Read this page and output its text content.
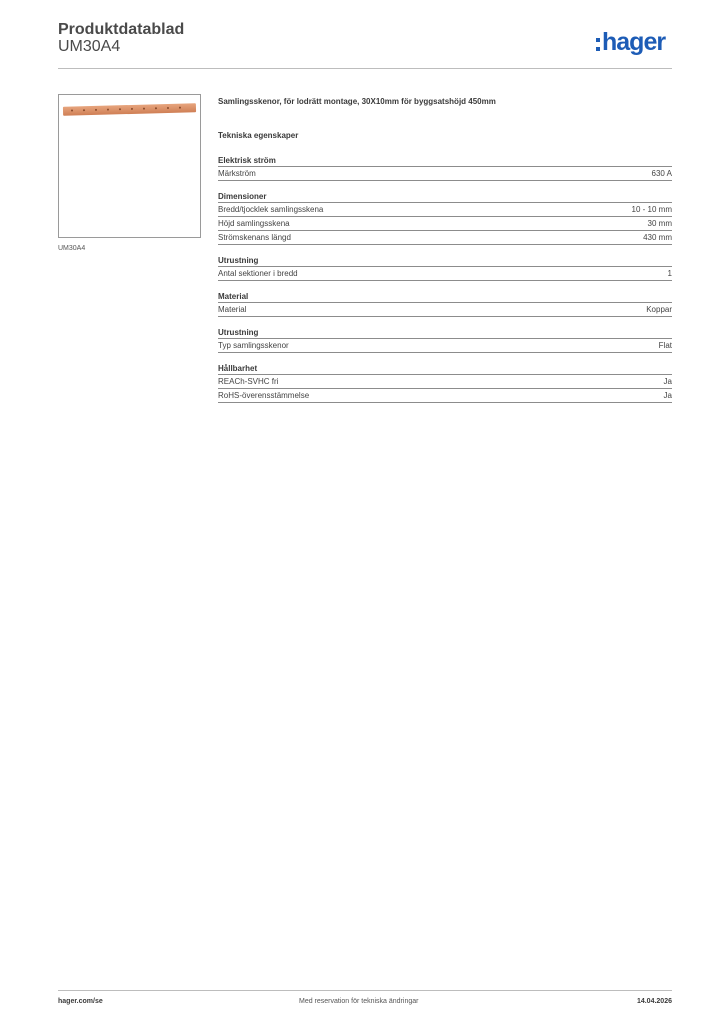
Produktdatablad
UM30A4	hager
UM30A4
Samlingsskenor, för lodrätt montage, 30X10mm för byggsatshöjd 450mm
Tekniska egenskaper
Elektrisk ström
Märkström	630 A
Dimensioner
Bredd/tjocklek samlingsskena	10 - 10 mm
Höjd samlingsskena	30 mm
Strömskenans längd	430 mm
Utrustning
Antal sektioner i bredd	1
Material
Material	Koppar
Utrustning
Typ samlingsskenor	Flat
Hållbarhet
REACh-SVHC fri	Ja
RoHS-överensstämmelse	Ja
hager.com/se	Med reservation för tekniska ändringar	14.04.2026
